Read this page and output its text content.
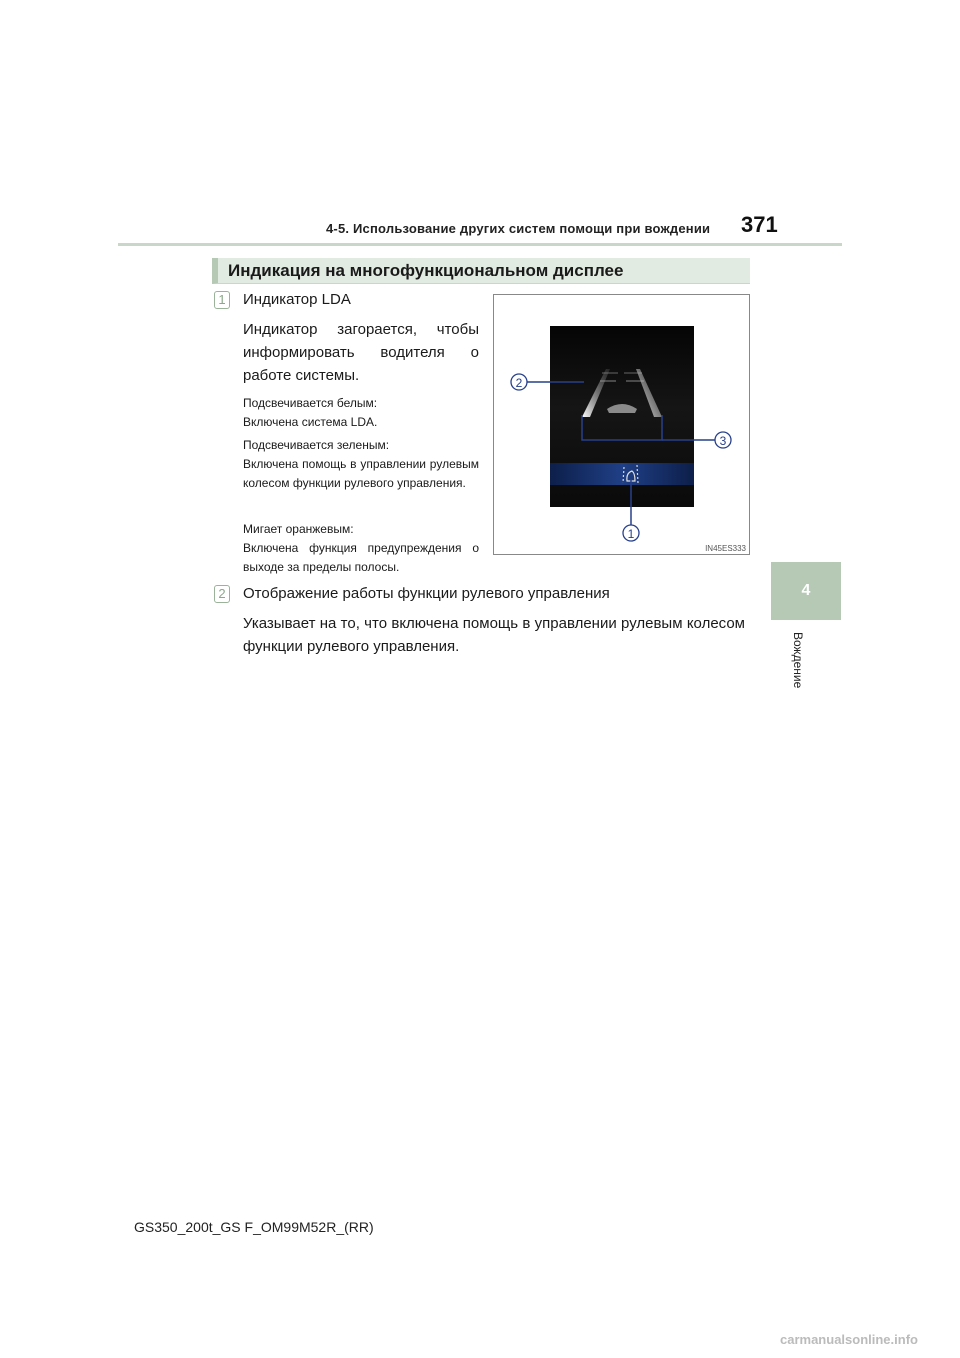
4-5. Использование других систем помощи при вождении 371
4
Вождение
Индикация на многофункциональном дисплее
1 Индикатор LDA
Индикатор загорается, чтобы информировать водителя о работе системы.
Подсвечивается белым:
Включена система LDA.
Подсвечивается зеленым:
Включена помощь в управлении рулевым колесом функции рулевого управления.
Мигает оранжевым:
Включена функция предупреждения о выходе за пределы полосы.
2
3
1
IN45ES333
2 Отображение работы функции рулевого управления
Указывает на то, что включена помощь в управлении рулевым колесом функции рулевого управления.
GS350_200t_GS F_OM99M52R_(RR)
carmanualsonline.info
